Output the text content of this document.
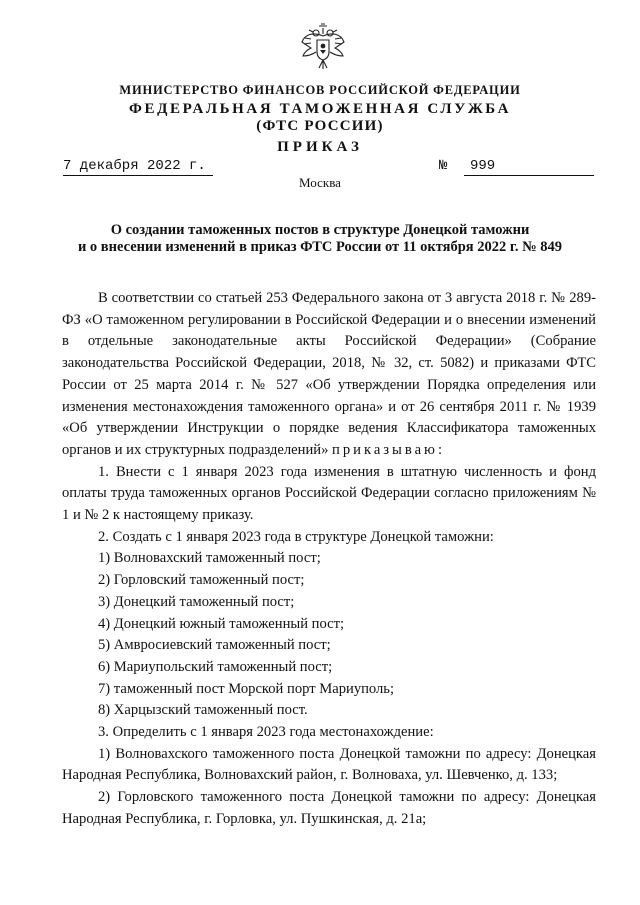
МИНИСТЕРСТВО ФИНАНСОВ РОССИЙСКОЙ ФЕДЕРАЦИИ
ФЕДЕРАЛЬНАЯ ТАМОЖЕННАЯ СЛУЖБА
(ФТС РОССИИ)
ПРИКАЗ
7 декабря 2022 г.	№	999
Москва
О создании таможенных постов в структуре Донецкой таможни
и о внесении изменений в приказ ФТС России от 11 октября 2022 г. № 849

В соответствии со статьей 253 Федерального закона от 3 августа 2018 г. № 289-ФЗ «О таможенном регулировании в Российской Федерации и о внесении изменений в отдельные законодательные акты Российской Федерации» (Собрание законодательства Российской Федерации, 2018, № 32, ст. 5082) и приказами ФТС России от 25 марта 2014 г. № 527 «Об утверждении Порядка определения или изменения местонахождения таможенного органа» и от 26 сентября 2011 г. № 1939 «Об утверждении Инструкции о порядке ведения Классификатора таможенных органов и их структурных подразделений» приказываю:

1. Внести с 1 января 2023 года изменения в штатную численность и фонд оплаты труда таможенных органов Российской Федерации согласно приложениям № 1 и № 2 к настоящему приказу.

2. Создать с 1 января 2023 года в структуре Донецкой таможни:

1) Волновахский таможенный пост;

2) Горловский таможенный пост;

3) Донецкий таможенный пост;

4) Донецкий южный таможенный пост;

5) Амвросиевский таможенный пост;

6) Мариупольский таможенный пост;

7) таможенный пост Морской порт Мариуполь;

8) Харцызский таможенный пост.

3. Определить с 1 января 2023 года местонахождение:

1) Волновахского таможенного поста Донецкой таможни по адресу: Донецкая Народная Республика, Волновахский район, г. Волноваха, ул. Шевченко, д. 133;

2) Горловского таможенного поста Донецкой таможни по адресу: Донецкая Народная Республика, г. Горловка, ул. Пушкинская, д. 21а;
